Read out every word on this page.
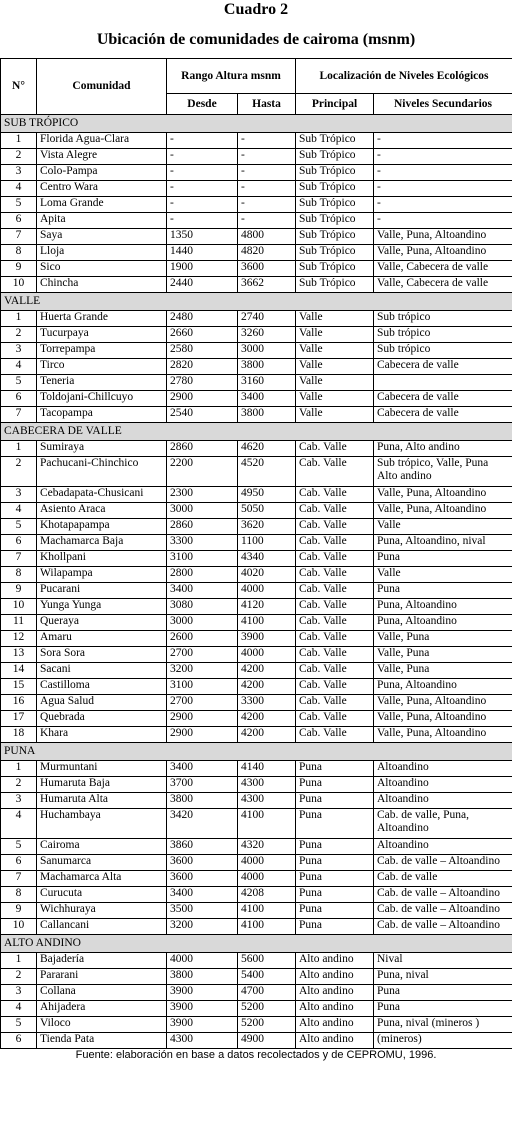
Cuadro 2
Ubicación de comunidades de cairoma (msnm)
N°	Comunidad	Rango Altura msnm		Localización de Niveles Ecológicos	
		Desde	Hasta	Principal	Niveles Secundarios
SUB TRÓPICO					
1	Florida Agua-Clara	-	-	Sub Trópico	-
2	Vista Alegre	-	-	Sub Trópico	-
3	Colo-Pampa	-	-	Sub Trópico	-
4	Centro Wara	-	-	Sub Trópico	-
5	Loma Grande	-	-	Sub Trópico	-
6	Apita	-	-	Sub Trópico	-
7	Saya	1350	4800	Sub Trópico	Valle, Puna, Altoandino
8	Lloja	1440	4820	Sub Trópico	Valle, Puna, Altoandino
9	Sico	1900	3600	Sub Trópico	Valle, Cabecera de valle
10	Chincha	2440	3662	Sub Trópico	Valle, Cabecera de valle
VALLE					
1	Huerta Grande	2480	2740	Valle	Sub trópico
2	Tucurpaya	2660	3260	Valle	Sub trópico
3	Torrepampa	2580	3000	Valle	Sub trópico
4	Tirco	2820	3800	Valle	Cabecera de valle
5	Teneria	2780	3160	Valle	
6	Toldojani-Chillcuyo	2900	3400	Valle	Cabecera de valle
7	Tacopampa	2540	3800	Valle	Cabecera de valle
CABECERA DE VALLE					
1	Sumiraya	2860	4620	Cab. Valle	Puna, Alto andino
2	Pachucani-Chinchico	2200	4520	Cab. Valle	Sub trópico, Valle, Puna Alto andino
3	Cebadapata-Chusicani	2300	4950	Cab. Valle	Valle, Puna, Altoandino
4	Asiento Araca	3000	5050	Cab. Valle	Valle, Puna, Altoandino
5	Khotapapampa	2860	3620	Cab. Valle	Valle
6	Machamarca Baja	3300	1100	Cab. Valle	Puna, Altoandino, nival
7	Khollpani	3100	4340	Cab. Valle	Puna
8	Wilapampa	2800	4020	Cab. Valle	Valle
9	Pucarani	3400	4000	Cab. Valle	Puna
10	Yunga Yunga	3080	4120	Cab. Valle	Puna, Altoandino
11	Queraya	3000	4100	Cab. Valle	Puna, Altoandino
12	Amaru	2600	3900	Cab. Valle	Valle, Puna
13	Sora Sora	2700	4000	Cab. Valle	Valle, Puna
14	Sacani	3200	4200	Cab. Valle	Valle, Puna
15	Castilloma	3100	4200	Cab. Valle	Puna, Altoandino
16	Agua Salud	2700	3300	Cab. Valle	Valle, Puna, Altoandino
17	Quebrada	2900	4200	Cab. Valle	Valle, Puna, Altoandino
18	Khara	2900	4200	Cab. Valle	Valle, Puna, Altoandino
PUNA					
1	Murmuntani	3400	4140	Puna	Altoandino
2	Humaruta Baja	3700	4300	Puna	Altoandino
3	Humaruta Alta	3800	4300	Puna	Altoandino
4	Huchambaya	3420	4100	Puna	Cab. de valle, Puna, Altoandino
5	Cairoma	3860	4320	Puna	Altoandino
6	Sanumarca	3600	4000	Puna	Cab. de valle – Altoandino
7	Machamarca Alta	3600	4000	Puna	Cab. de valle
8	Curucuta	3400	4208	Puna	Cab. de valle – Altoandino
9	Wichhuraya	3500	4100	Puna	Cab. de valle – Altoandino
10	Callancani	3200	4100	Puna	Cab. de valle – Altoandino
ALTO ANDINO					
1	Bajadería	4000	5600	Alto andino	Nival
2	Pararani	3800	5400	Alto andino	Puna, nival
3	Collana	3900	4700	Alto andino	Puna
4	Ahijadera	3900	5200	Alto andino	Puna
5	Viloco	3900	5200	Alto andino	Puna, nival (mineros )
6	Tienda Pata	4300	4900	Alto andino	(mineros)
Fuente: elaboración en base a datos recolectados y de CEPROMU, 1996.
